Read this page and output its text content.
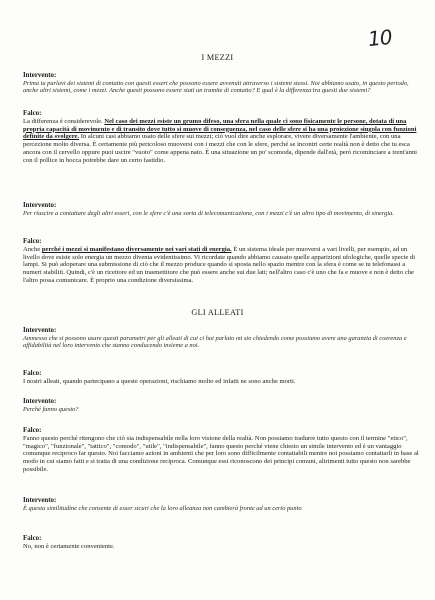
10
I MEZZI

Intervento:

Prima tu parlavi dei sistemi di contatto con questi esseri che possono essere avvenuti attraverso i sistemi stessi. Noi abbiamo usato, in questo periodo, anche altri sistemi, come i mezzi. Anche questi possono essere stati un tramite di contatto? E qual è la differenza tra questi due sistemi?

Falco:

La differenza è considerevole. Nel caso dei mezzi esiste un grumo difeso, una sfera nella quale ci sono fisicamente le persone, dotata di una propria capacità di movimento e di transito dove tutto si muove di conseguenza, nel caso delle sfere si ha una proiezione singola con funzioni definite da svolgere. In alcuni casi abbiamo usato delle sfere sui mezzi; ciò vuol dire anche esplorare, vivere diversamente l'ambiente, con una percezione molto diversa. È certamente più pericoloso muoversi con i mezzi che con le sfere, perché se incontri certe realtà non è detto che tu esca ancora con il cervello oppure puoi uscire "vuoto" come appena nato. È una situazione un po' scomoda, dipende dall'età, però ricominciare a trent'anni con il pollice in bocca potrebbe dare un certo fastidio.

Intervento:

Per riuscire a contattare degli altri esseri, con le sfere c'è una sorta di telecomunicazione, con i mezzi c'è un altro tipo di movimento, di sinergia.

Falco:

Anche perché i mezzi si manifestano diversamente nei vari stati di energia. È un sistema ideale per muoversi a vari livelli, per esempio, ad un livello dove esiste solo energia un mezzo diventa evidentissimo. Vi ricordate quando abbiamo causato quelle apparizioni ufologiche, quelle specie di lampi. Si può adoperare una submissione di ciò che il mezzo produce quando si sposta nello spazio mentre con la sfera è come se tu telefonassi a numeri stabiliti. Quindi, c'è un ricettore ed un trasmettitore che può essere anche sui due lati; nell'altro caso c'è uno che fa e muove e non è detto che l'altro possa comunicare. È proprio una condizione diversissima.

GLI ALLEATI

Intervento:

Ammesso che si possono usare questi parametri per gli alleati di cui ci hai parlato mi sto chiedendo come possiamo avere una garanzia di coerenza e affidabilità nel loro intervento che stanno conducendo insieme a noi.

Falco:

I nostri alleati, quando partecipano a queste operazioni, rischiamo molto ed infatti ne sono anche morti.

Intervento:

Perché fanno questo?

Falco:

Fanno questo perché ritengono che ciò sia indispensabile nella loro visione della realtà. Non possiamo tradurre tutto questo con il termine "etico", "magico", "funzionale", "tattico", "comodo", "utile", "indispensabile", fanno questo perché viene chiesto un simile intervento ed è un vantaggio comunque reciproco far questo. Noi facciamo azioni in ambienti che per loro sono difficilmente contattabili mentre noi possiamo contattarli in base al modo in cui siamo fatti e si tratta di una condizione reciproca. Comunque essi riconoscono dei principi comuni, altrimenti tutto questo non sarebbe possibile.

Intervento:

È questa similitudine che consente di esser sicuri che la loro alleanza non cambierà fronte ad un certo punto

Falco:

No, non è certamente conveniente.
